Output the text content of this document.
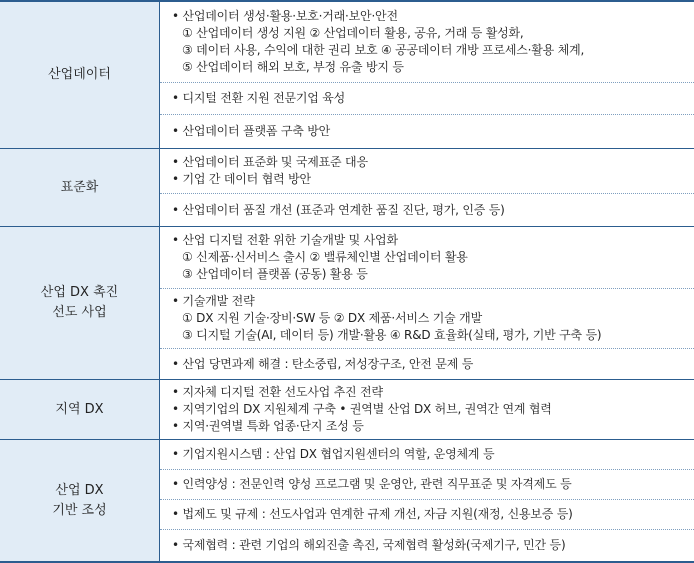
산업데이터
• 산업데이터 생성·활용·보호·거래·보안·안전
① 산업데이터 생성 지원 ② 산업데이터 활용, 공유, 거래 등 활성화,
③ 데이터 사용, 수익에 대한 권리 보호 ④ 공공데이터 개방 프로세스·활용 체계,
⑤ 산업데이터 해외 보호, 부정 유출 방지 등
• 디지털 전환 지원 전문기업 육성
• 산업데이터 플랫폼 구축 방안
표준화
• 산업데이터 표준화 및 국제표준 대응
• 기업 간 데이터 협력 방안
• 산업데이터 품질 개선 (표준과 연계한 품질 진단, 평가, 인증 등)
산업 DX 촉진
선도 사업
• 산업 디지털 전환 위한 기술개발 및 사업화
① 신제품·신서비스 출시 ② 밸류체인별 산업데이터 활용
③ 산업데이터 플랫폼 (공동) 활용 등
• 기술개발 전략
① DX 지원 기술·장비·SW 등 ② DX 제품·서비스 기술 개발
③ 디지털 기술(AI, 데이터 등) 개발·활용 ④ R&D 효율화(실태, 평가, 기반 구축 등)
• 산업 당면과제 해결 : 탄소중립, 저성장구조, 안전 문제 등
지역 DX
• 지자체 디지털 전환 선도사업 추진 전략
• 지역기업의 DX 지원체계 구축 • 권역별 산업 DX 허브, 권역간 연계 협력
• 지역·권역별 특화 업종·단지 조성 등
산업 DX
기반 조성
• 기업지원시스템 : 산업 DX 협업지원센터의 역할, 운영체계 등
• 인력양성 : 전문인력 양성 프로그램 및 운영안, 관련 직무표준 및 자격제도 등
• 법제도 및 규제 : 선도사업과 연계한 규제 개선, 자금 지원(재정, 신용보증 등)
• 국제협력 : 관련 기업의 해외진출 촉진, 국제협력 활성화(국제기구, 민간 등)
